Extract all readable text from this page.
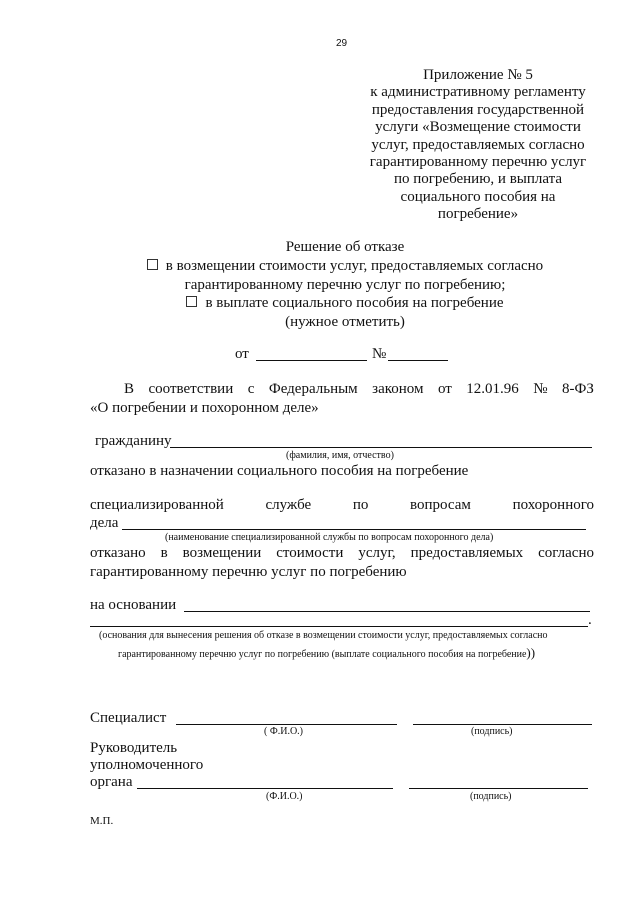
29
Приложение № 5
к административному регламенту
предоставления государственной
услуги «Возмещение стоимости
услуг, предоставляемых согласно
гарантированному перечню услуг
по погребению, и выплата
социального пособия на
погребение»
Решение об отказе
в возмещении стоимости услуг, предоставляемых согласно
гарантированному перечню услуг по погребению;
в выплате социального пособия на погребение
(нужное отметить)
от	№
В соответствии с Федеральным законом от 12.01.96 № 8-ФЗ
«О погребении и похоронном деле»
гражданину
(фамилия, имя, отчество)
отказано в назначении социального пособия на погребение
специализированной	службе	по	вопросам	похоронного
дела
(наименование специализированной службы по вопросам похоронного дела)
отказано в возмещении стоимости услуг, предоставляемых согласно
гарантированному перечню услуг по погребению
на основании
.
(основания для вынесения решения об отказе в возмещении стоимости услуг, предоставляемых согласно
гарантированному перечню услуг по погребению (выплате социального пособия на погребение))
Специалист
( Ф.И.О.)	(подпись)
Руководитель
уполномоченного
органа
(Ф.И.О.)	(подпись)
М.П.
